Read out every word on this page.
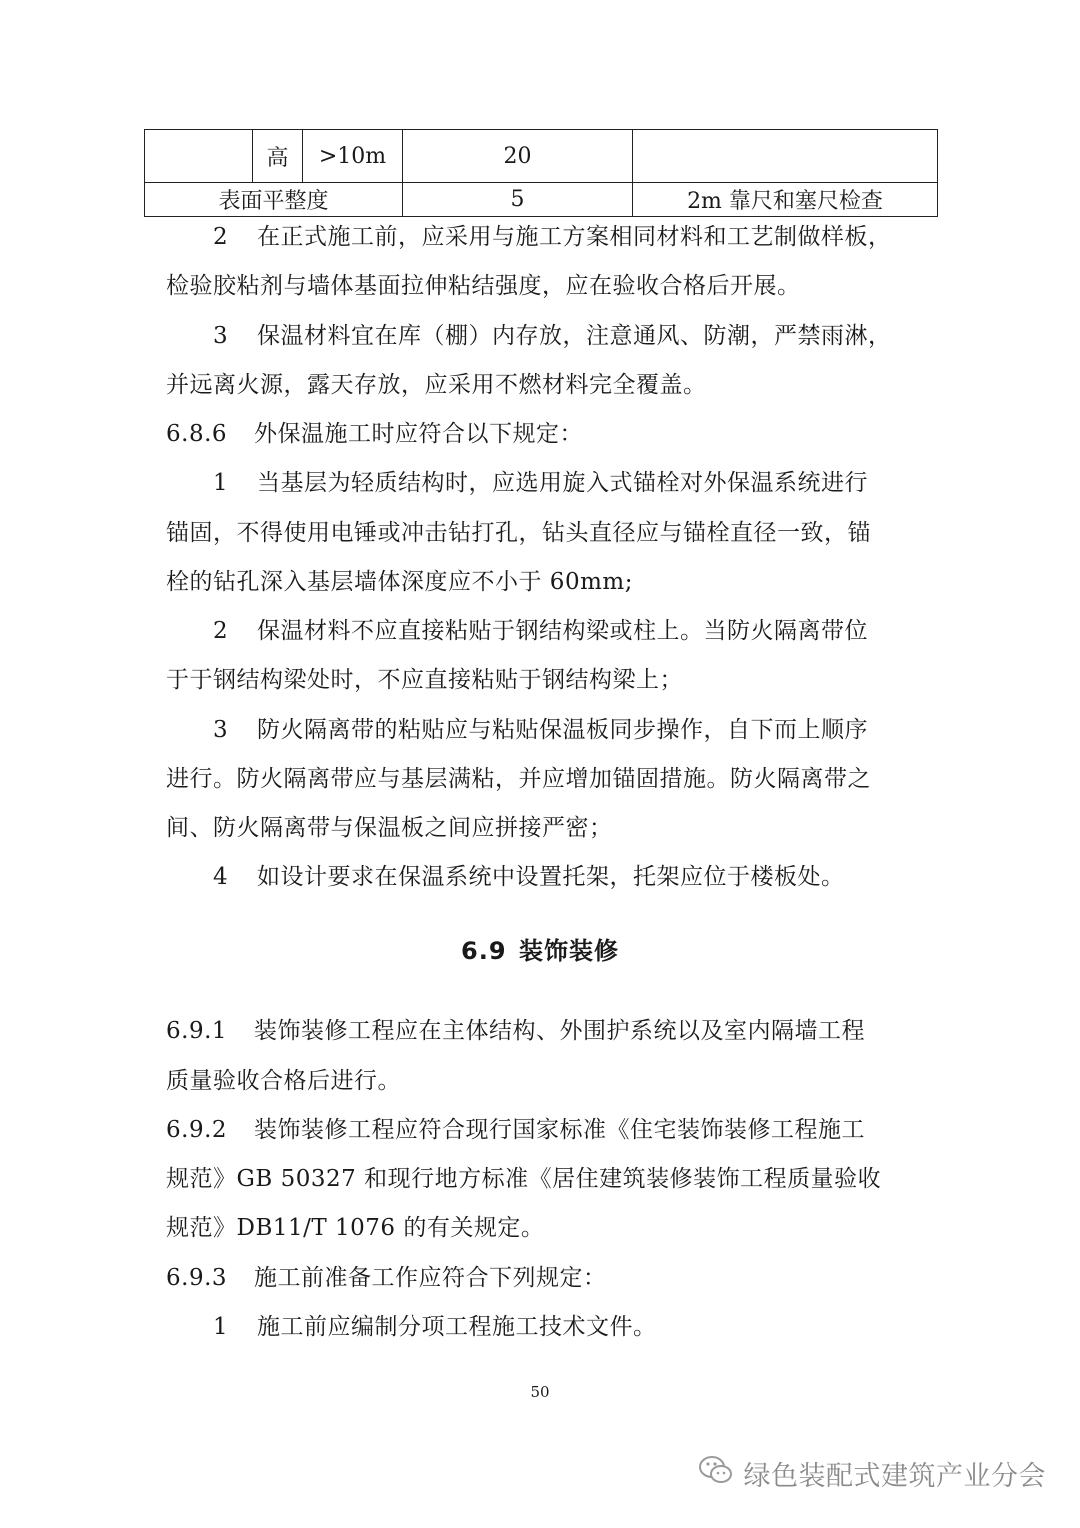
	高	>10m	20	
表面平整度			5	2m 靠尺和塞尺检查
2 在正式施工前，应采用与施工方案相同材料和工艺制做样板，
检验胶粘剂与墙体基面拉伸粘结强度，应在验收合格后开展。
3 保温材料宜在库（棚）内存放，注意通风、防潮，严禁雨淋，
并远离火源，露天存放，应采用不燃材料完全覆盖。
6.8.6 外保温施工时应符合以下规定：
1 当基层为轻质结构时，应选用旋入式锚栓对外保温系统进行
锚固，不得使用电锤或冲击钻打孔，钻头直径应与锚栓直径一致，锚
栓的钻孔深入基层墙体深度应不小于 60mm;
2 保温材料不应直接粘贴于钢结构梁或柱上。当防火隔离带位
于于钢结构梁处时，不应直接粘贴于钢结构梁上；
3 防火隔离带的粘贴应与粘贴保温板同步操作，自下而上顺序
进行。防火隔离带应与基层满粘，并应增加锚固措施。防火隔离带之
间、防火隔离带与保温板之间应拼接严密；
4 如设计要求在保温系统中设置托架，托架应位于楼板处。
6.9 装饰装修
6.9.1 装饰装修工程应在主体结构、外围护系统以及室内隔墙工程
质量验收合格后进行。
6.9.2 装饰装修工程应符合现行国家标准《住宅装饰装修工程施工
规范》GB 50327 和现行地方标准《居住建筑装修装饰工程质量验收
规范》DB11/T 1076 的有关规定。
6.9.3 施工前准备工作应符合下列规定：
1 施工前应编制分项工程施工技术文件。
50
绿色装配式建筑产业分会
